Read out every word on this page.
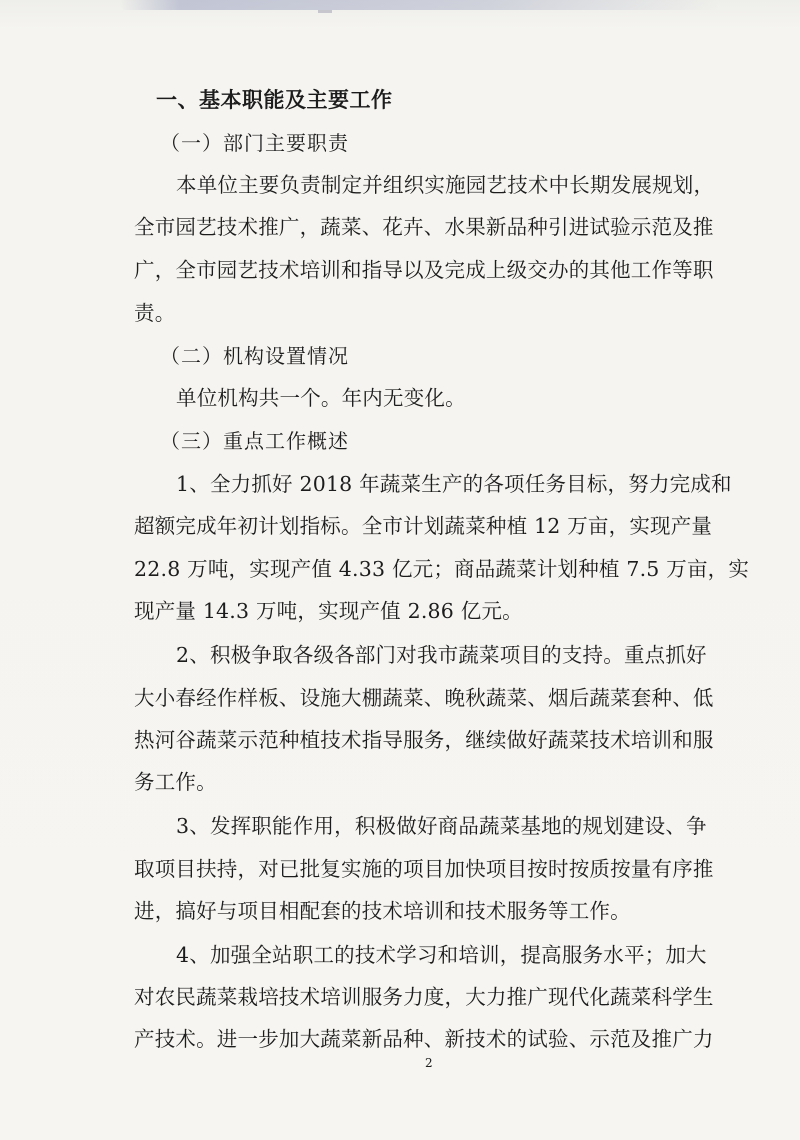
一、基本职能及主要工作
（一）部门主要职责
本单位主要负责制定并组织实施园艺技术中长期发展规划，
全市园艺技术推广，蔬菜、花卉、水果新品种引进试验示范及推
广，全市园艺技术培训和指导以及完成上级交办的其他工作等职
责。
（二）机构设置情况
单位机构共一个。年内无变化。
（三）重点工作概述
1、全力抓好 2018 年蔬菜生产的各项任务目标，努力完成和
超额完成年初计划指标。全市计划蔬菜种植 12 万亩，实现产量
22.8 万吨，实现产值 4.33 亿元；商品蔬菜计划种植 7.5 万亩，实
现产量 14.3 万吨，实现产值 2.86 亿元。
2、积极争取各级各部门对我市蔬菜项目的支持。重点抓好
大小春经作样板、设施大棚蔬菜、晚秋蔬菜、烟后蔬菜套种、低
热河谷蔬菜示范种植技术指导服务，继续做好蔬菜技术培训和服
务工作。
3、发挥职能作用，积极做好商品蔬菜基地的规划建设、争
取项目扶持，对已批复实施的项目加快项目按时按质按量有序推
进，搞好与项目相配套的技术培训和技术服务等工作。
4、加强全站职工的技术学习和培训，提高服务水平；加大
对农民蔬菜栽培技术培训服务力度，大力推广现代化蔬菜科学生
产技术。进一步加大蔬菜新品种、新技术的试验、示范及推广力
2
